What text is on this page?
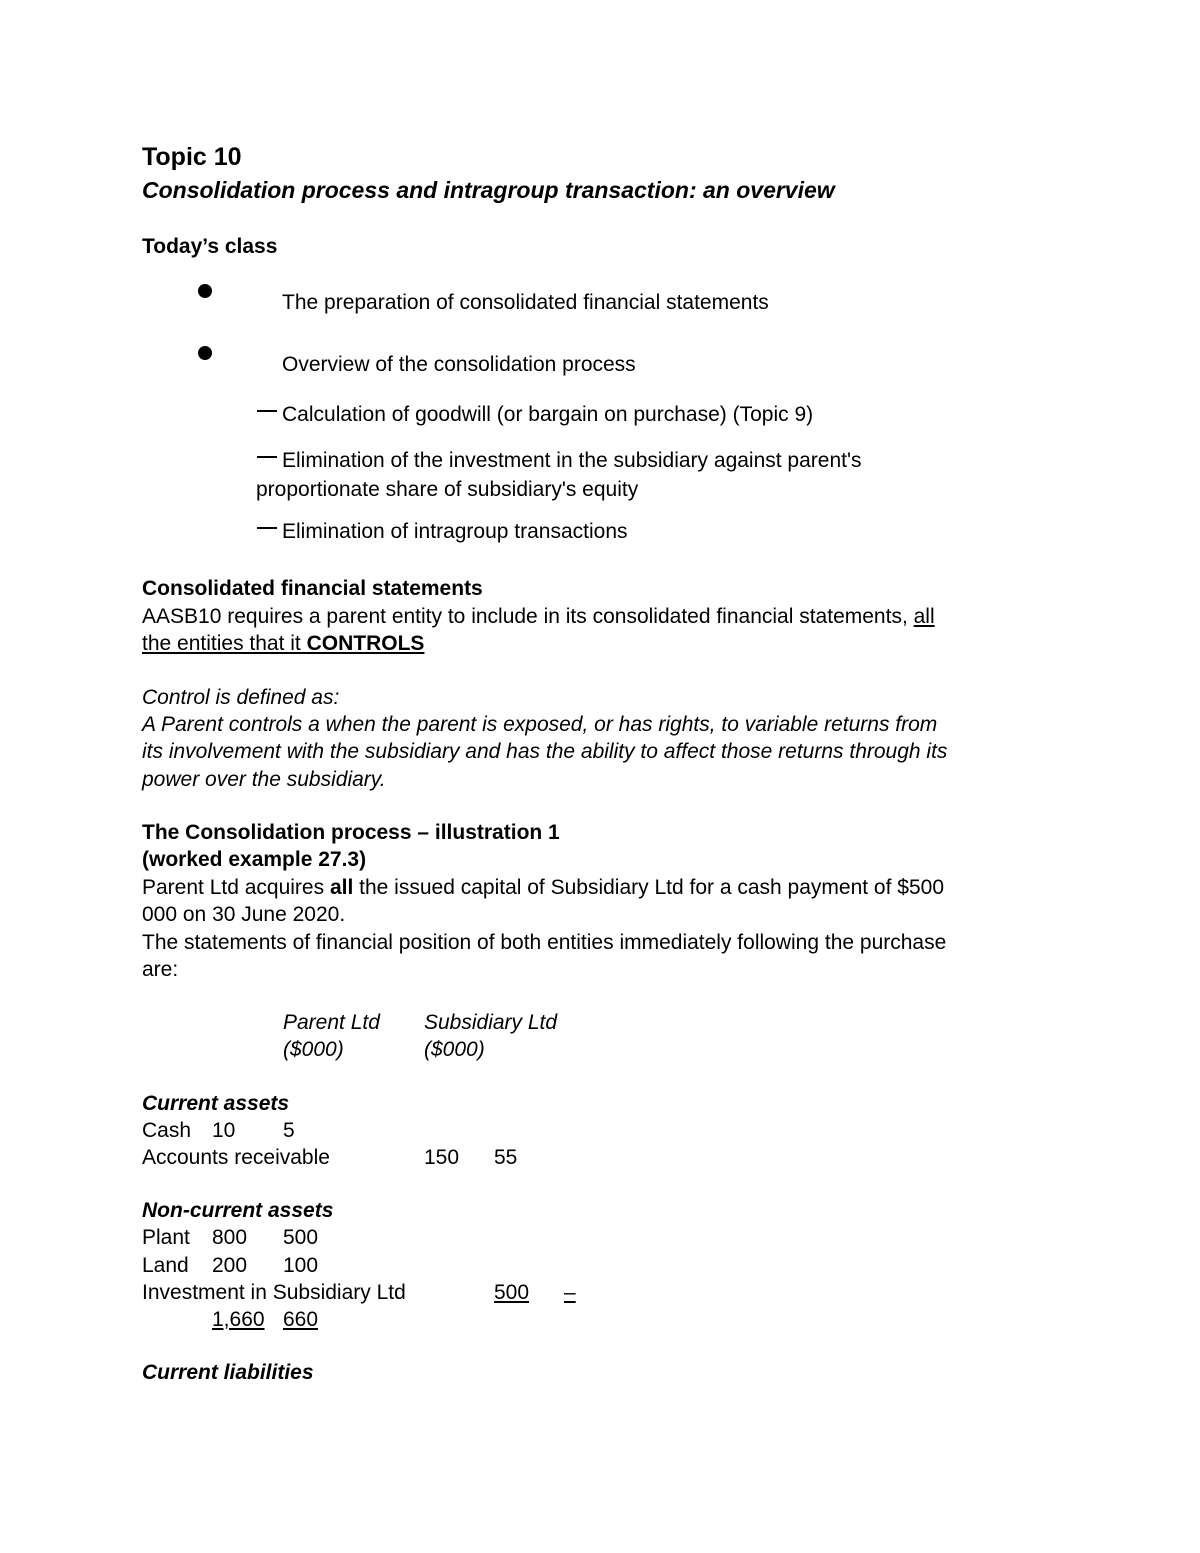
Topic 10
Consolidation process and intragroup transaction: an overview
Today’s class
The preparation of consolidated financial statements
Overview of the consolidation process
Calculation of goodwill (or bargain on purchase) (Topic 9)
Elimination of the investment in the subsidiary against parent's
proportionate share of subsidiary's equity
Elimination of intragroup transactions
Consolidated financial statements
AASB10 requires a parent entity to include in its consolidated financial statements, all
the entities that it CONTROLS
Control is defined as:
A Parent controls a when the parent is exposed, or has rights, to variable returns from
its involvement with the subsidiary and has the ability to affect those returns through its
power over the subsidiary.
The Consolidation process – illustration 1
(worked example 27.3)
Parent Ltd acquires all the issued capital of Subsidiary Ltd for a cash payment of $500
000 on 30 June 2020.
The statements of financial position of both entities immediately following the purchase
are:
Parent Ltd Subsidiary Ltd
($000)	($000)
Current assets
Cash 10 5
Accounts receivable	150 55
Non-current assets
Plant 800 500
Land 200 100
Investment in Subsidiary Ltd	500	–
1,660 660
Current liabilities
